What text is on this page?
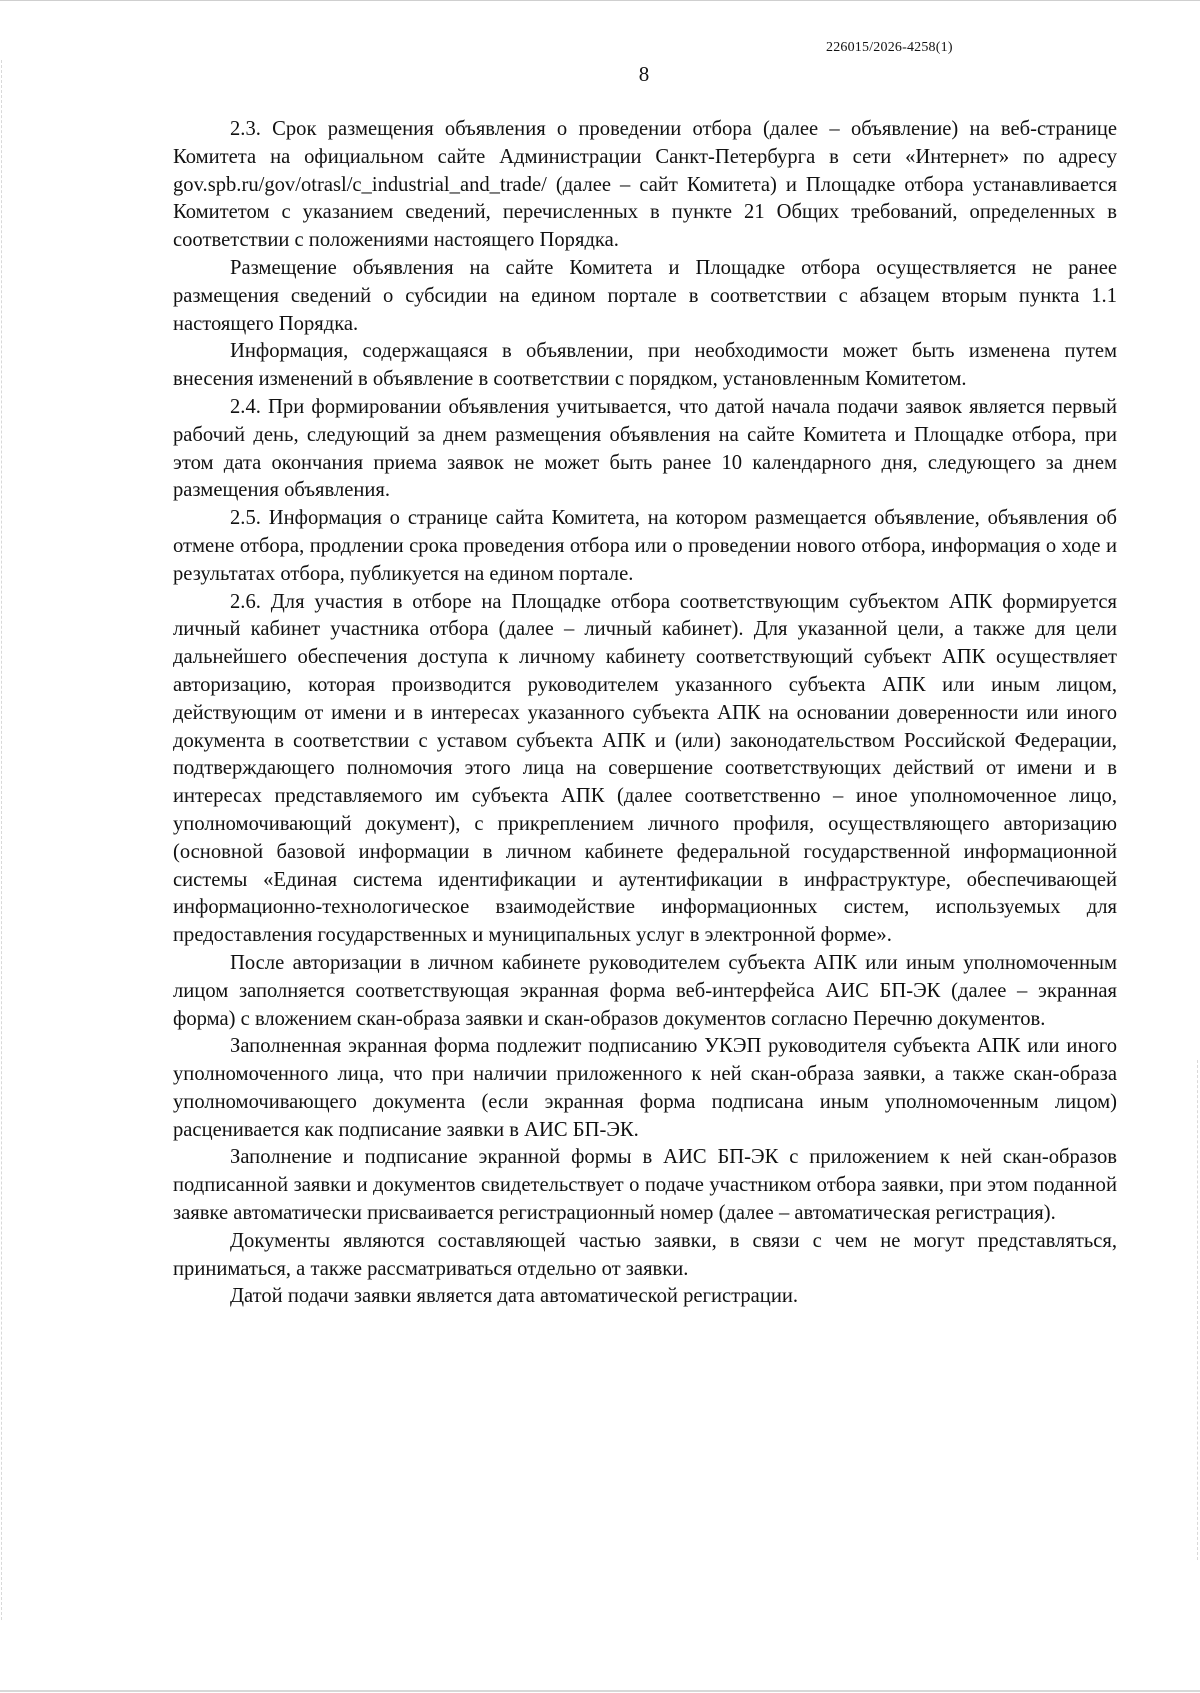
226015/2026-4258(1)
8

2.3. Срок размещения объявления о проведении отбора (далее – объявление) на веб-странице Комитета на официальном сайте Администрации Санкт-Петербурга в сети «Интернет» по адресу gov.spb.ru/gov/otrasl/c_industrial_and_trade/ (далее – сайт Комитета) и Площадке отбора устанавливается Комитетом с указанием сведений, перечисленных в пункте 21 Общих требований, определенных в соответствии с положениями настоящего Порядка.

Размещение объявления на сайте Комитета и Площадке отбора осуществляется не ранее размещения сведений о субсидии на едином портале в соответствии с абзацем вторым пункта 1.1 настоящего Порядка.

Информация, содержащаяся в объявлении, при необходимости может быть изменена путем внесения изменений в объявление в соответствии с порядком, установленным Комитетом.

2.4. При формировании объявления учитывается, что датой начала подачи заявок является первый рабочий день, следующий за днем размещения объявления на сайте Комитета и Площадке отбора, при этом дата окончания приема заявок не может быть ранее 10 календарного дня, следующего за днем размещения объявления.

2.5. Информация о странице сайта Комитета, на котором размещается объявление, объявления об отмене отбора, продлении срока проведения отбора или о проведении нового отбора, информация о ходе и результатах отбора, публикуется на едином портале.

2.6. Для участия в отборе на Площадке отбора соответствующим субъектом АПК формируется личный кабинет участника отбора (далее – личный кабинет). Для указанной цели, а также для цели дальнейшего обеспечения доступа к личному кабинету соответствующий субъект АПК осуществляет авторизацию, которая производится руководителем указанного субъекта АПК или иным лицом, действующим от имени и в интересах указанного субъекта АПК на основании доверенности или иного документа в соответствии с уставом субъекта АПК и (или) законодательством Российской Федерации, подтверждающего полномочия этого лица на совершение соответствующих действий от имени и в интересах представляемого им субъекта АПК (далее соответственно – иное уполномоченное лицо, уполномочивающий документ), с прикреплением личного профиля, осуществляющего авторизацию (основной базовой информации в личном кабинете федеральной государственной информационной системы «Единая система идентификации и аутентификации в инфраструктуре, обеспечивающей информационно-технологическое взаимодействие информационных систем, используемых для предоставления государственных и муниципальных услуг в электронной форме».

После авторизации в личном кабинете руководителем субъекта АПК или иным уполномоченным лицом заполняется соответствующая экранная форма веб-интерфейса АИС БП-ЭК (далее – экранная форма) с вложением скан-образа заявки и скан-образов документов согласно Перечню документов.

Заполненная экранная форма подлежит подписанию УКЭП руководителя субъекта АПК или иного уполномоченного лица, что при наличии приложенного к ней скан-образа заявки, а также скан-образа уполномочивающего документа (если экранная форма подписана иным уполномоченным лицом) расценивается как подписание заявки в АИС БП-ЭК.

Заполнение и подписание экранной формы в АИС БП-ЭК с приложением к ней скан-образов подписанной заявки и документов свидетельствует о подаче участником отбора заявки, при этом поданной заявке автоматически присваивается регистрационный номер (далее – автоматическая регистрация).

Документы являются составляющей частью заявки, в связи с чем не могут представляться, приниматься, а также рассматриваться отдельно от заявки.

Датой подачи заявки является дата автоматической регистрации.
